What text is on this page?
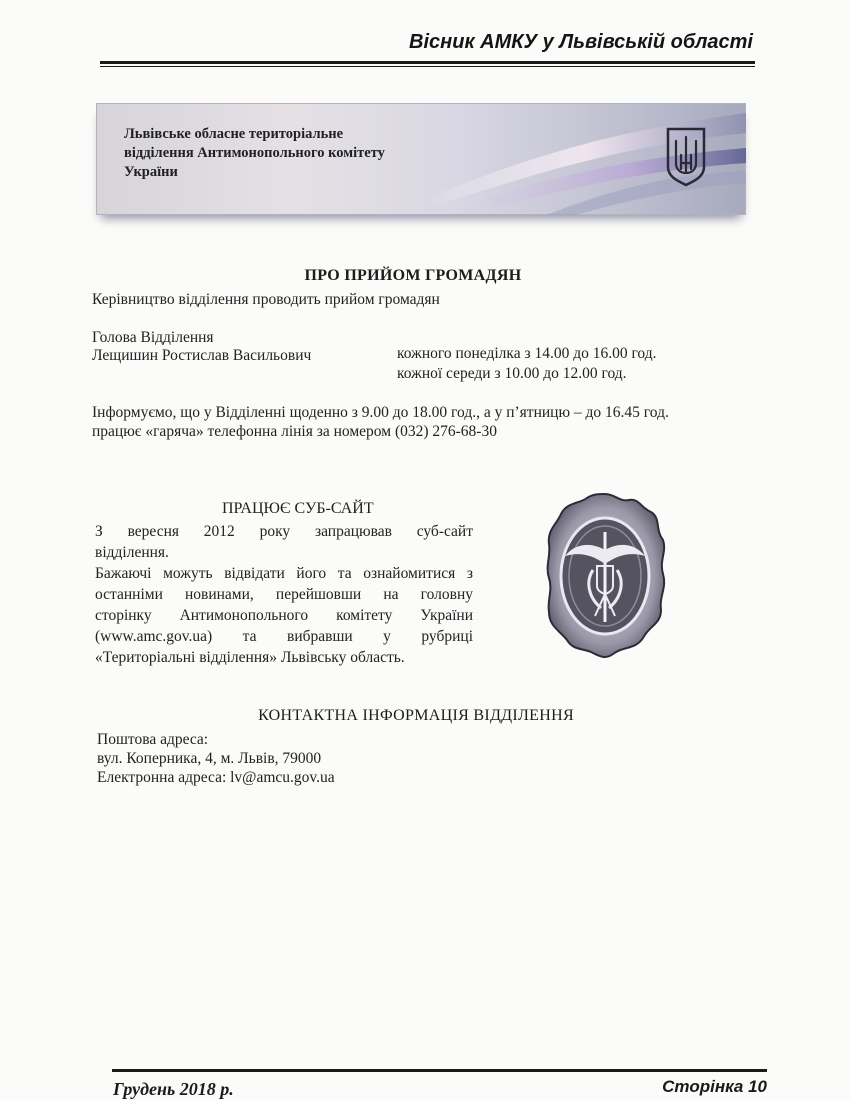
Вісник АМКУ у Львівській області
Львівське обласне територіальне
відділення Антимонопольного комітету
України
ПРО ПРИЙОМ ГРОМАДЯН
Керівництво відділення проводить прийом громадян
Голова Відділення
Лещишин Ростислав Васильович	кожного понеділка з 14.00 до 16.00 год.
кожної середи з 10.00 до 12.00 год.
Інформуємо, що у Відділенні щоденно з 9.00 до 18.00 год., а у п’ятницю – до 16.45 год.
працює «гаряча» телефонна лінія за номером (032) 276-68-30
ПРАЦЮЄ СУБ-САЙТ
З вересня 2012 року запрацював суб-сайт
відділення.
Бажаючі можуть відвідати його та ознайомитися з
останніми новинами, перейшовши на головну
сторінку Антимонопольного комітету України
(www.amc.gov.ua) та вибравши у рубриці
«Територіальні відділення» Львівську область.
КОНТАКТНА ІНФОРМАЦІЯ ВІДДІЛЕННЯ
Поштова адреса:
вул. Коперника, 4, м. Львів, 79000
Електронна адреса: lv@amcu.gov.ua
Грудень 2018 р.	Сторінка 10
